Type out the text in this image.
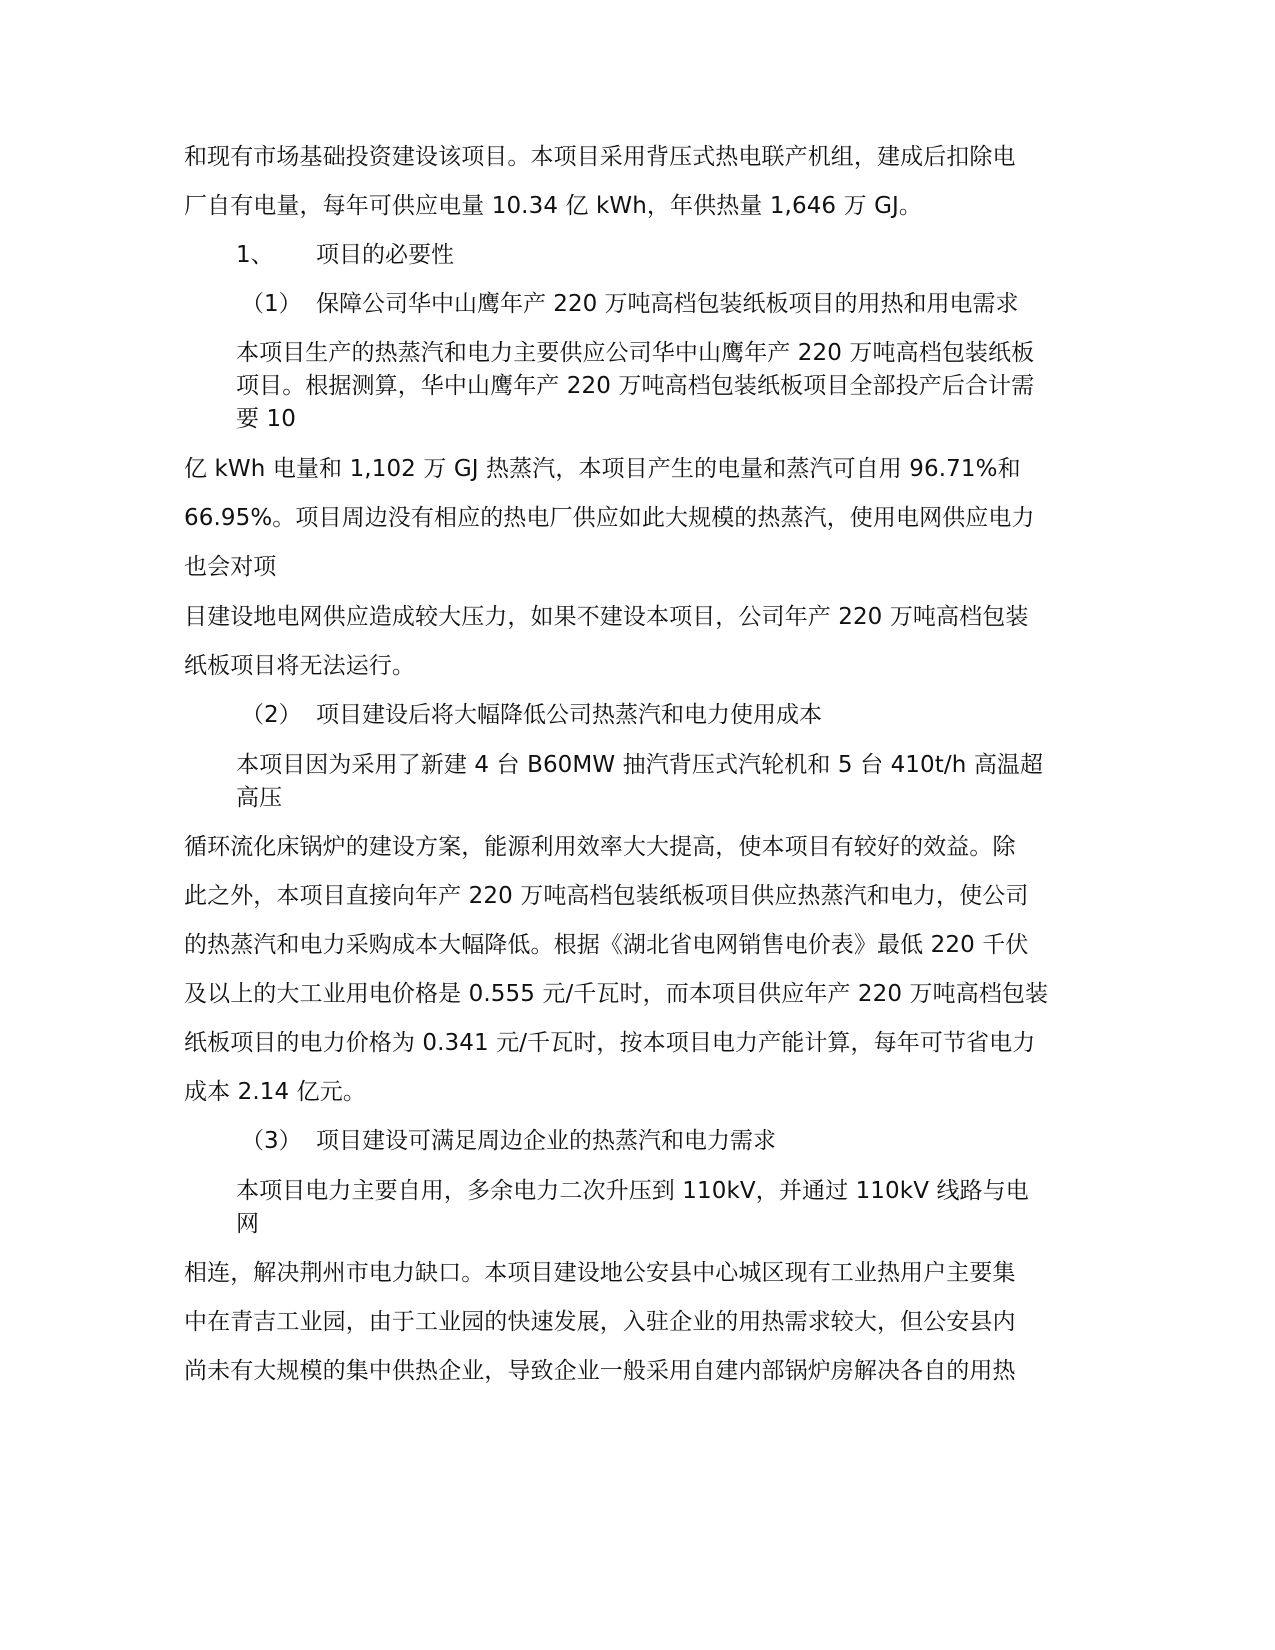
和现有市场基础投资建设该项目。本项目采用背压式热电联产机组，建成后扣除电

厂自有电量，每年可供应电量 10.34 亿 kWh，年供热量 1,646 万 GJ。

1、 项目的必要性

（1） 保障公司华中山鹰年产 220 万吨高档包装纸板项目的用热和用电需求

本项目生产的热蒸汽和电力主要供应公司华中山鹰年产 220 万吨高档包装纸板

项目。根据测算，华中山鹰年产 220 万吨高档包装纸板项目全部投产后合计需

要 10

亿 kWh 电量和 1,102 万 GJ 热蒸汽，本项目产生的电量和蒸汽可自用 96.71%和

66.95%。项目周边没有相应的热电厂供应如此大规模的热蒸汽，使用电网供应电力

也会对项

目建设地电网供应造成较大压力，如果不建设本项目，公司年产 220 万吨高档包装

纸板项目将无法运行。

（2） 项目建设后将大幅降低公司热蒸汽和电力使用成本

本项目因为采用了新建 4 台 B60MW 抽汽背压式汽轮机和 5 台 410t/h 高温超

高压

循环流化床锅炉的建设方案，能源利用效率大大提高，使本项目有较好的效益。除

此之外，本项目直接向年产 220 万吨高档包装纸板项目供应热蒸汽和电力，使公司

的热蒸汽和电力采购成本大幅降低。根据《湖北省电网销售电价表》最低 220 千伏

及以上的大工业用电价格是 0.555 元/千瓦时，而本项目供应年产 220 万吨高档包装

纸板项目的电力价格为 0.341 元/千瓦时，按本项目电力产能计算，每年可节省电力

成本 2.14 亿元。

（3） 项目建设可满足周边企业的热蒸汽和电力需求

本项目电力主要自用，多余电力二次升压到 110kV，并通过 110kV 线路与电

网

相连，解决荆州市电力缺口。本项目建设地公安县中心城区现有工业热用户主要集

中在青吉工业园，由于工业园的快速发展，入驻企业的用热需求较大，但公安县内

尚未有大规模的集中供热企业，导致企业一般采用自建内部锅炉房解决各自的用热
